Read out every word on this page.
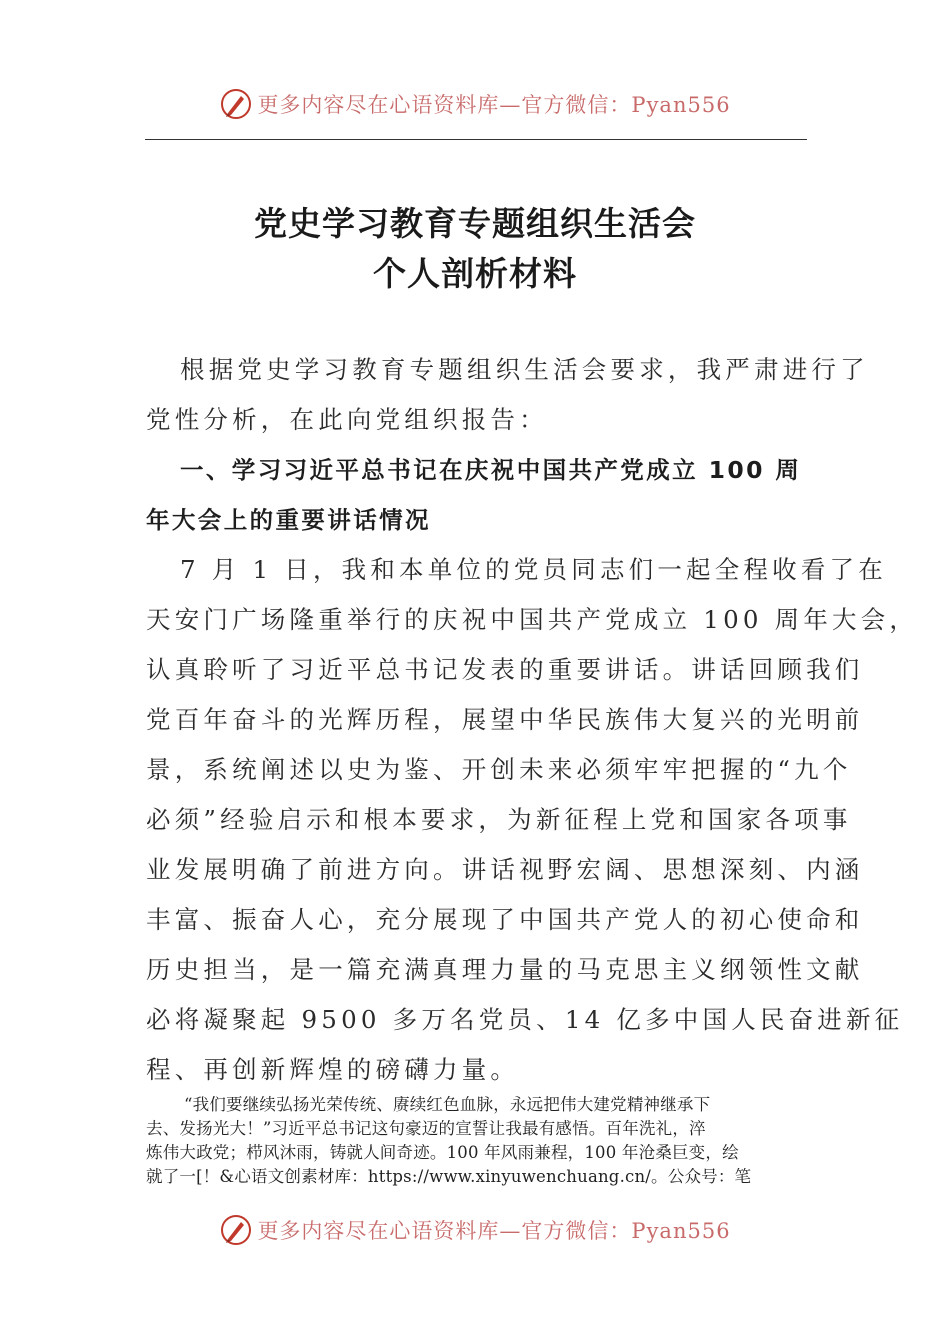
更多内容尽在心语资料库—官方微信：Pyan556
党史学习教育专题组织生活会
个人剖析材料
根据党史学习教育专题组织生活会要求，我严肃进行了
党性分析，在此向党组织报告：
一、学习习近平总书记在庆祝中国共产党成立 100 周
年大会上的重要讲话情况
7 月 1 日，我和本单位的党员同志们一起全程收看了在
天安门广场隆重举行的庆祝中国共产党成立 100 周年大会，
认真聆听了习近平总书记发表的重要讲话。讲话回顾我们
党百年奋斗的光辉历程，展望中华民族伟大复兴的光明前
景，系统阐述以史为鉴、开创未来必须牢牢把握的“九个
必须”经验启示和根本要求，为新征程上党和国家各项事
业发展明确了前进方向。讲话视野宏阔、思想深刻、内涵
丰富、振奋人心，充分展现了中国共产党人的初心使命和
历史担当，是一篇充满真理力量的马克思主义纲领性文献
必将凝聚起 9500 多万名党员、14 亿多中国人民奋进新征
程、再创新辉煌的磅礴力量。
“我们要继续弘扬光荣传统、赓续红色血脉，永远把伟大建党精神继承下
去、发扬光大！”习近平总书记这句豪迈的宣誓让我最有感悟。百年洗礼，淬
炼伟大政党；栉风沐雨，铸就人间奇迹。100 年风雨兼程，100 年沧桑巨变，绘
就了一[！&心语文创素材库：https://www.xinyuwenchuang.cn/。公众号：笔
更多内容尽在心语资料库—官方微信：Pyan556
